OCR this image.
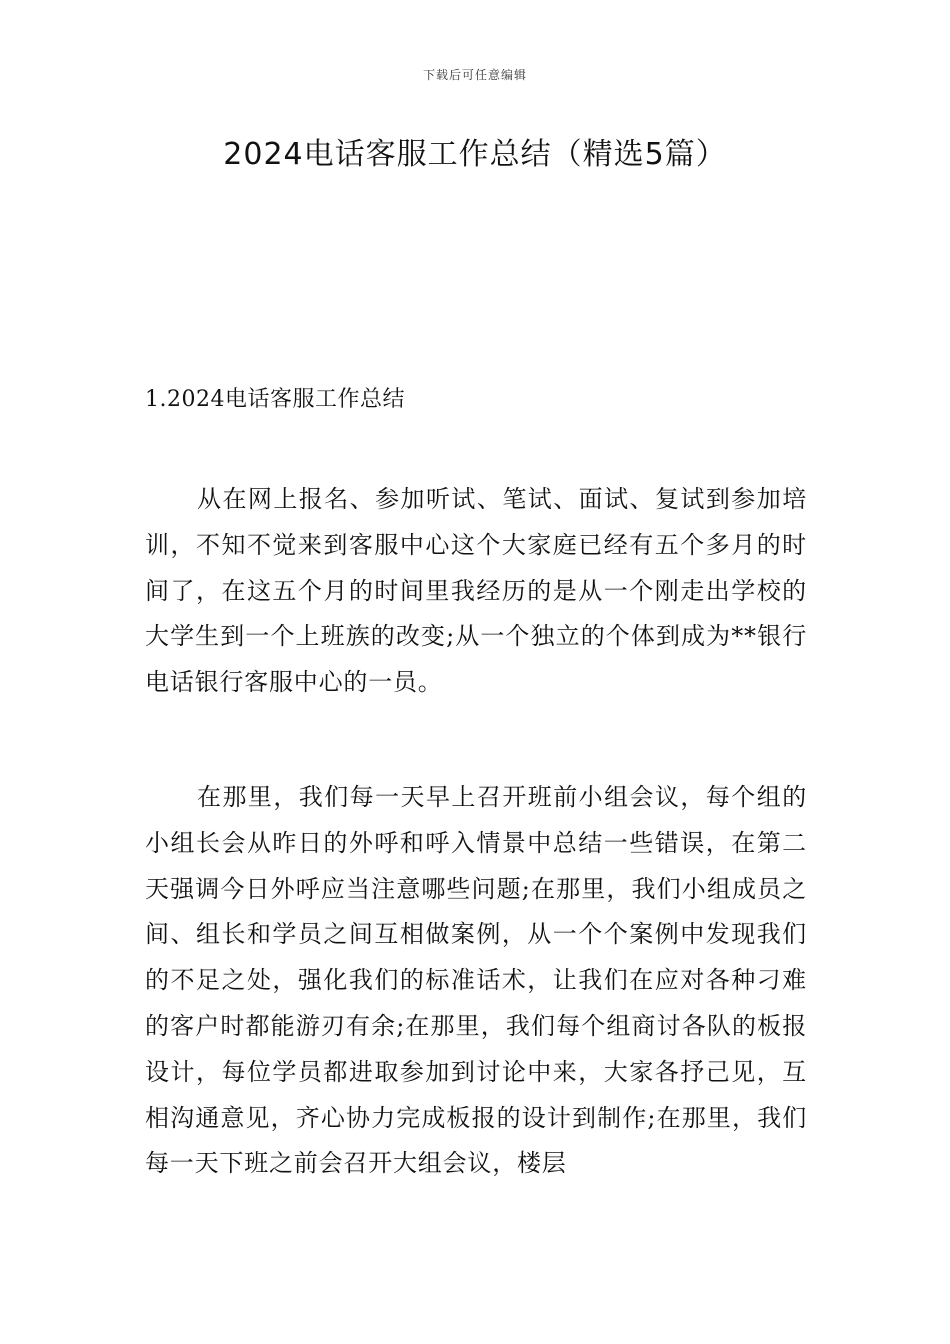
下载后可任意编辑
2024电话客服工作总结（精选5篇）
1.2024电话客服工作总结

从在网上报名、参加听试、笔试、面试、复试到参加培训，不知不觉来到客服中心这个大家庭已经有五个多月的时间了，在这五个月的时间里我经历的是从一个刚走出学校的大学生到一个上班族的改变;从一个独立的个体到成为**银行电话银行客服中心的一员。

在那里，我们每一天早上召开班前小组会议，每个组的小组长会从昨日的外呼和呼入情景中总结一些错误，在第二天强调今日外呼应当注意哪些问题;在那里，我们小组成员之间、组长和学员之间互相做案例，从一个个案例中发现我们的不足之处，强化我们的标准话术，让我们在应对各种刁难的客户时都能游刃有余;在那里，我们每个组商讨各队的板报设计，每位学员都进取参加到讨论中来，大家各抒己见，互相沟通意见，齐心协力完成板报的设计到制作;在那里，我们每一天下班之前会召开大组会议，楼层
